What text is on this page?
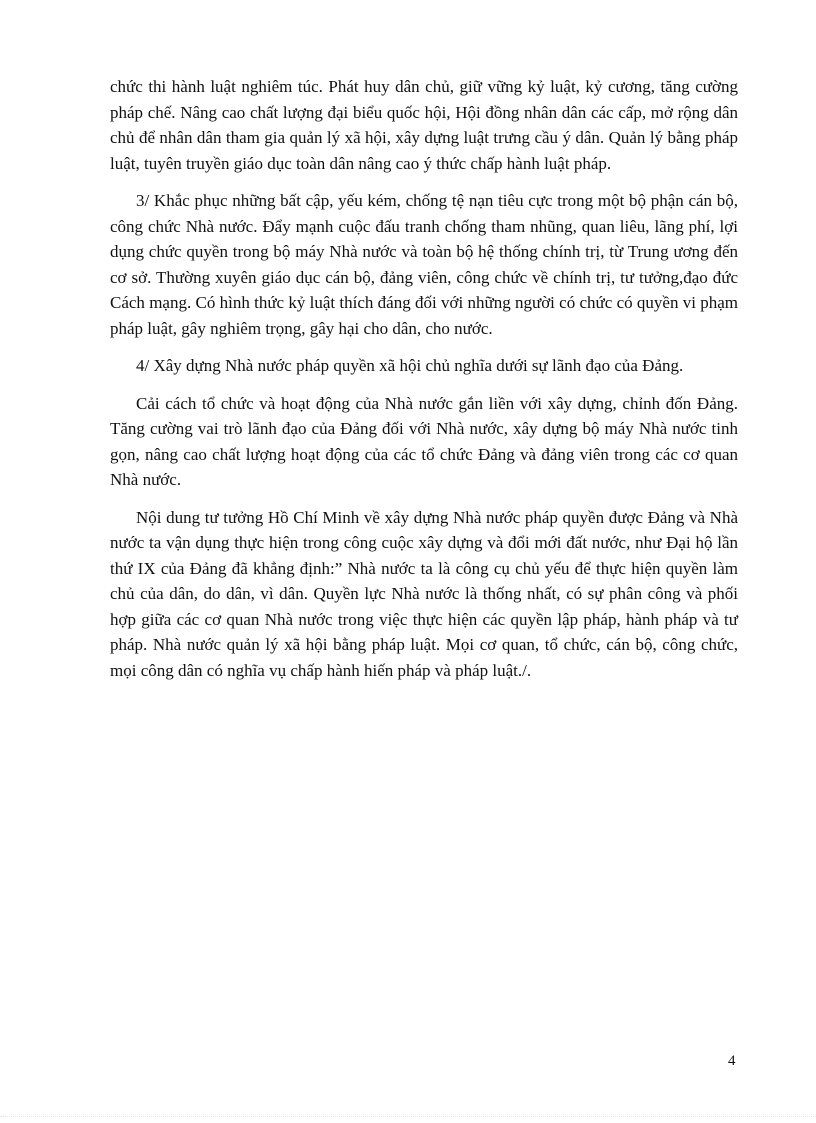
chức thi hành luật nghiêm túc. Phát huy dân chủ, giữ vững kỷ luật, kỷ cương, tăng cường pháp chế. Nâng cao chất lượng đại biểu quốc hội, Hội đồng nhân dân các cấp, mở rộng dân chủ để nhân dân tham gia quản lý xã hội, xây dựng luật trưng cầu ý dân. Quản lý bằng pháp luật, tuyên truyền giáo dục toàn dân nâng cao ý thức chấp hành luật pháp.

3/ Khắc phục những bất cập, yếu kém, chống tệ nạn tiêu cực trong một bộ phận cán bộ, công chức Nhà nước. Đẩy mạnh cuộc đấu tranh chống tham nhũng, quan liêu, lãng phí, lợi dụng chức quyền trong bộ máy Nhà nước và toàn bộ hệ thống chính trị, từ Trung ương đến cơ sở. Thường xuyên giáo dục cán bộ, đảng viên, công chức về chính trị, tư tưởng,đạo đức Cách mạng. Có hình thức kỷ luật thích đáng đối với những người có chức có quyền vi phạm pháp luật, gây nghiêm trọng, gây hại cho dân, cho nước.

4/ Xây dựng Nhà nước pháp quyền xã hội chủ nghĩa dưới sự lãnh đạo của Đảng.

Cải cách tổ chức và hoạt động của Nhà nước gắn liền với xây dựng, chỉnh đốn Đảng. Tăng cường vai trò lãnh đạo của Đảng đối với Nhà nước, xây dựng bộ máy Nhà nước tinh gọn, nâng cao chất lượng hoạt động của các tổ chức Đảng và đảng viên trong các cơ quan Nhà nước.

Nội dung tư tưởng Hồ Chí Minh về xây dựng Nhà nước pháp quyền được Đảng và Nhà nước ta vận dụng thực hiện trong công cuộc xây dựng và đổi mới đất nước, như Đại hộ lần thứ IX của Đảng đã khẳng định:” Nhà nước ta là công cụ chủ yếu để thực hiện quyền làm chủ của dân, do dân, vì dân. Quyền lực Nhà nước là thống nhất, có sự phân công và phối hợp giữa các cơ quan Nhà nước trong việc thực hiện các quyền lập pháp, hành pháp và tư pháp. Nhà nước quản lý xã hội bằng pháp luật. Mọi cơ quan, tổ chức, cán bộ, công chức, mọi công dân có nghĩa vụ chấp hành hiến pháp và pháp luật./.

4
